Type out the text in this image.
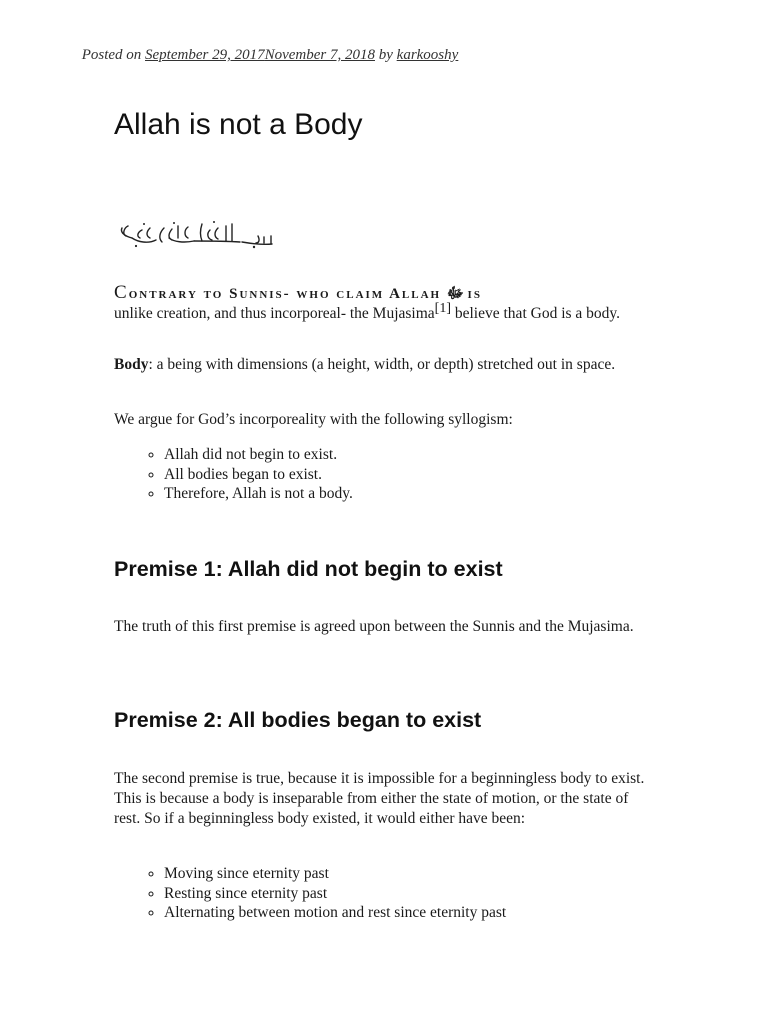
Posted on September 29, 2017November 7, 2018 by karkooshy
Allah is not a Body
Contrary to Sunnis- who claim Allah ﷻ is
unlike creation, and thus incorporeal- the Mujasima[1] believe that God is a body.

Body: a being with dimensions (a height, width, or depth) stretched out in space.

We argue for God’s incorporeality with the following syllogism:

◦ Allah did not begin to exist.
◦ All bodies began to exist.
◦ Therefore, Allah is not a body.
Premise 1: Allah did not begin to exist

The truth of this first premise is agreed upon between the Sunnis and the Mujasima.

Premise 2: All bodies began to exist

The second premise is true, because it is impossible for a beginningless body to exist. This is because a body is inseparable from either the state of motion, or the state of rest. So if a beginningless body existed, it would either have been:

◦ Moving since eternity past
◦ Resting since eternity past
◦ Alternating between motion and rest since eternity past
